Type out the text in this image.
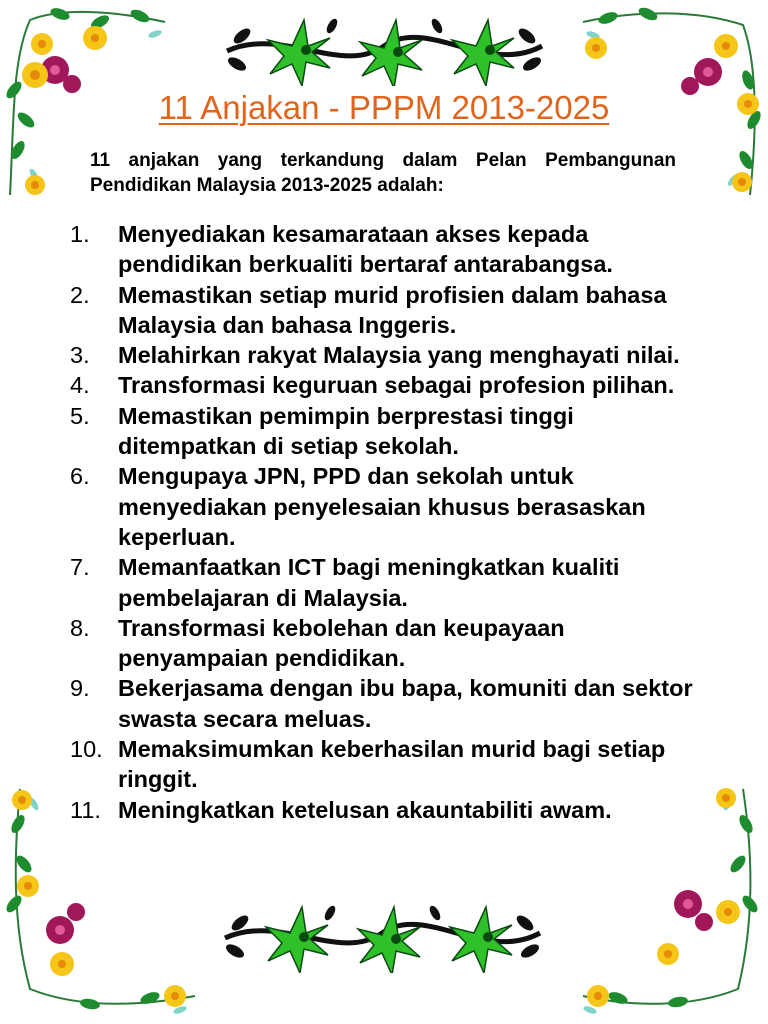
11 Anjakan - PPPM 2013-2025
11 anjakan yang terkandung dalam Pelan Pembangunan Pendidikan Malaysia 2013-2025 adalah:
1.	Menyediakan kesamarataan akses kepada pendidikan berkualiti bertaraf antarabangsa.
2.	Memastikan setiap murid profisien dalam bahasa Malaysia dan bahasa Inggeris.
3.	Melahirkan rakyat Malaysia yang menghayati nilai.
4.	Transformasi keguruan sebagai profesion pilihan.
5.	Memastikan pemimpin berprestasi tinggi ditempatkan di setiap sekolah.
6.	Mengupaya JPN, PPD dan sekolah untuk menyediakan penyelesaian khusus berasaskan keperluan.
7.	Memanfaatkan ICT bagi meningkatkan kualiti pembelajaran di Malaysia.
8.	Transformasi kebolehan dan keupayaan penyampaian pendidikan.
9.	Bekerjasama dengan ibu bapa, komuniti dan sektor swasta secara meluas.
10. Memaksimumkan keberhasilan murid bagi setiap ringgit.
11. Meningkatkan ketelusan akauntabiliti awam.
